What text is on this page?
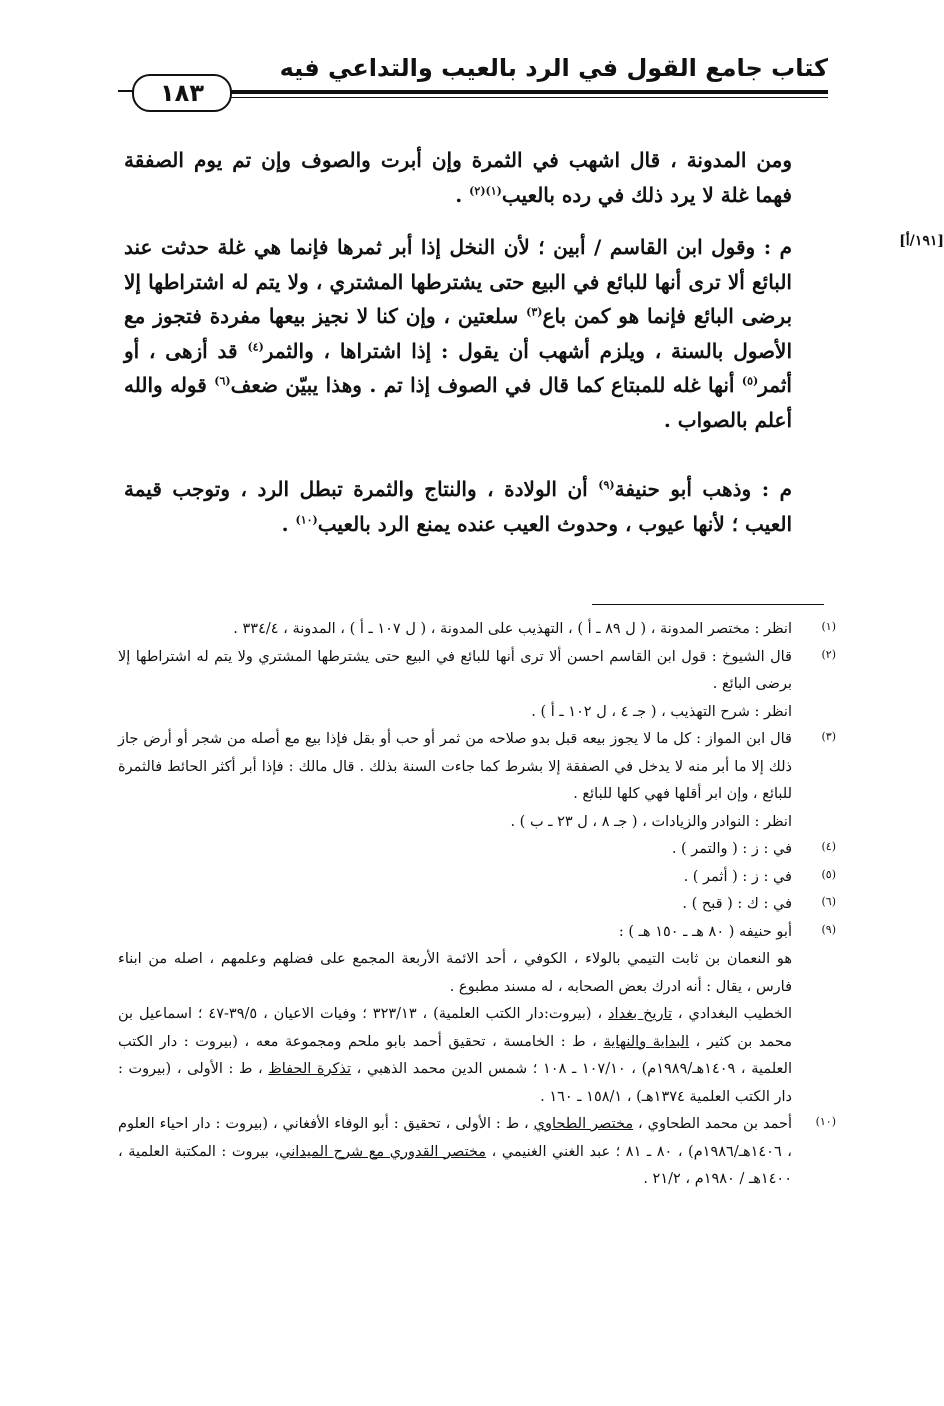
كتاب جامع القول في الرد بالعيب والتداعي فيه
١٨٣
ومن المدونة ، قال اشهب في الثمرة وإن أبرت والصوف وإن تم يوم الصفقة فهما غلة لا يرد ذلك في رده بالعيب$^{(١)(٢)}$ .
[١٩١/أ]
م : وقول ابن القاسم / أبين ؛ لأن النخل إذا أبر ثمرها فإنما هي غلة حدثت عند البائع ألا ترى أنها للبائع في البيع حتى يشترطها المشتري ، ولا يتم له اشتراطها إلا برضى البائع فإنما هو كمن باع$^{(٣)}$ سلعتين ، وإن كنا لا نجيز بيعها مفردة فتجوز مع الأصول بالسنة ، ويلزم أشهب أن يقول : إذا اشتراها ، والثمر$^{(٤)}$ قد أزهى ، أو أثمر$^{(٥)}$ أنها غله للمبتاع كما قال في الصوف إذا تم . وهذا يبيّن ضعف$^{(٦)}$ قوله والله أعلم بالصواب .
م : وذهب أبو حنيفة$^{(٩)}$ أن الولادة ، والنتاج والثمرة تبطل الرد ، وتوجب قيمة العيب ؛ لأنها عيوب ، وحدوث العيب عنده يمنع الرد بالعيب$^{(١٠)}$ .
(١)
انظر : مختصر المدونة ، ( ل ٨٩ ـ أ ) ، التهذيب على المدونة ، ( ل ١٠٧ ـ أ ) ، المدونة ، ٣٣٤/٤ .
(٢)
قال الشيوخ : قول ابن القاسم احسن ألا ترى أنها للبائع في البيع حتى يشترطها المشتري ولا يتم له اشتراطها إلا برضى البائع .
انظر : شرح التهذيب ، ( جـ ٤ ، ل ١٠٢ ـ أ ) .
(٣)
قال ابن المواز : كل ما لا يجوز بيعه قبل بدو صلاحه من ثمر أو حب أو بقل فإذا بيع مع أصله من شجر أو أرض جاز ذلك إلا ما أبر منه لا يدخل في الصفقة إلا بشرط كما جاءت السنة بذلك . قال مالك : فإذا أبر أكثر الحائط فالثمرة للبائع ، وإن ابر أقلها فهي كلها للبائع .
انظر : النوادر والزيادات ، ( جـ ٨ ، ل ٢٣ ـ ب ) .
(٤)
في : ز : ( والتمر ) .
(٥)
في : ز : ( أثمر ) .
(٦)
في : ك : ( قبح ) .
(٩)
أبو حنيفه ( ٨٠ هـ ـ ١٥٠ هـ ) :
هو النعمان بن ثابت التيمي بالولاء ، الكوفي ، أحد الائمة الأربعة المجمع على فضلهم وعلمهم ، اصله من ابناء فارس ، يقال : أنه ادرك بعض الصحابه ، له مسند مطبوع .
الخطيب البغدادي ، تاريخ بغداد ، (بيروت:دار الكتب العلمية) ، ٣٢٣/١٣ ؛ وفيات الاعيان ، ٣٩/٥-٤٧ ؛ اسماعيل بن محمد بن كثير ، البداية والنهاية ، ط : الخامسة ، تحقيق أحمد بابو ملحم ومجموعة معه ، (بيروت : دار الكتب العلمية ، ١٤٠٩هـ/١٩٨٩م) ، ١٠٧/١٠ ـ ١٠٨ ؛ شمس الدين محمد الذهبي ، تذكرة الحفاظ ، ط : الأولى ، (بيروت : دار الكتب العلمية ١٣٧٤هـ) ، ١٥٨/١ ـ ١٦٠ .
(١٠)
أحمد بن محمد الطحاوي ، مختصر الطحاوي ، ط : الأولى ، تحقيق : أبو الوفاء الأفغاني ، (بيروت : دار احياء العلوم ، ١٤٠٦هـ/١٩٨٦م) ، ٨٠ ـ ٨١ ؛ عبد الغني الغنيمي ، مختصر القدوري مع شرح الميداني، بيروت : المكتبة العلمية ، ١٤٠٠هـ / ١٩٨٠م ، ٢١/٢ .
